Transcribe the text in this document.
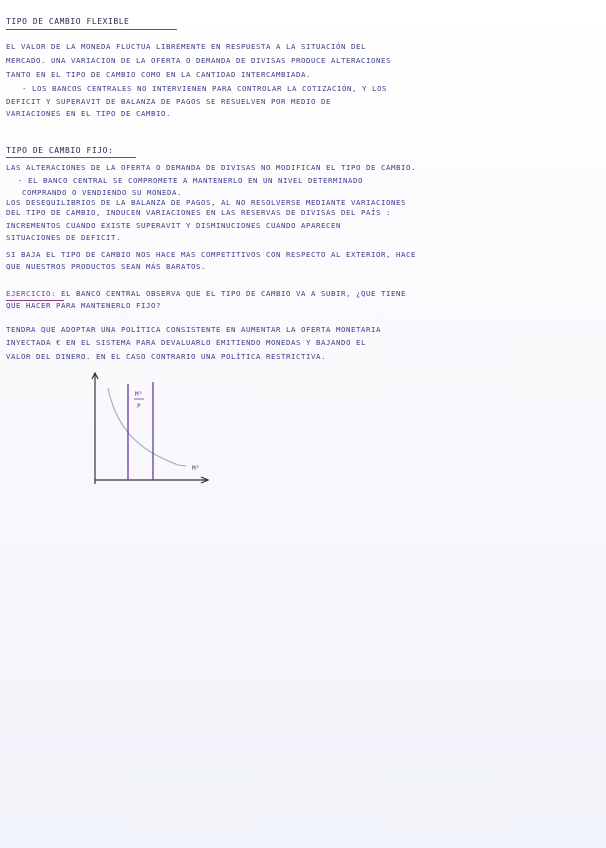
TIPO DE CAMBIO FLEXIBLE
EL VALOR DE LA MONEDA FLUCTUA LIBREMENTE EN RESPUESTA A LA SITUACIÓN DEL
MERCADO. UNA VARIACION DE LA OFERTA O DEMANDA DE DIVISAS PRODUCE ALTERACIONES
TANTO EN EL TIPO DE CAMBIO COMO EN LA CANTIDAD INTERCAMBIADA.
- LOS BANCOS CENTRALES NO INTERVIENEN PARA CONTROLAR LA COTIZACIÓN, Y LOS
DEFICIT Y SUPERAVIT DE BALANZA DE PAGOS SE RESUELVEN POR MEDIO DE
VARIACIONES EN EL TIPO DE CAMBIO.
TIPO DE CAMBIO FIJO:
LAS ALTERACIONES DE LA OFERTA O DEMANDA DE DIVISAS NO MODIFICAN EL TIPO DE CAMBIO.
- EL BANCO CENTRAL SE COMPROMETE A MANTENERLO EN UN NIVEL DETERMINADO
COMPRANDO O VENDIENDO SU MONEDA.
LOS DESEQUILIBRIOS DE LA BALANZA DE PAGOS, AL NO RESOLVERSE MEDIANTE VARIACIONES
DEL TIPO DE CAMBIO, INDUCEN VARIACIONES EN LAS RESERVAS DE DIVISAS DEL PAÍS :
INCREMENTOS CUANDO EXISTE SUPERAVIT Y DISMINUCIONES CUANDO APARECEN
SITUACIONES DE DEFICIT.
SI BAJA EL TIPO DE CAMBIO NOS HACE MAS COMPETITIVOS CON RESPECTO AL EXTERIOR, HACE
QUE NUESTROS PRODUCTOS SEAN MÁS BARATOS.
EJERCICIO: EL BANCO CENTRAL OBSERVA QUE EL TIPO DE CAMBIO VA A SUBIR, ¿QUE TIENE
QUE HACER PARA MANTENERLO FIJO?
TENDRA QUE ADOPTAR UNA POLÍTICA CONSISTENTE EN AUMENTAR LA OFERTA MONETARIA
INYECTADA € EN EL SISTEMA PARA DEVALUARLO EMITIENDO MONEDAS Y BAJANDO EL
VALOR DEL DINERO. EN EL CASO CONTRARIO UNA POLÍTICA RESTRICTIVA.
M³
P
M³
